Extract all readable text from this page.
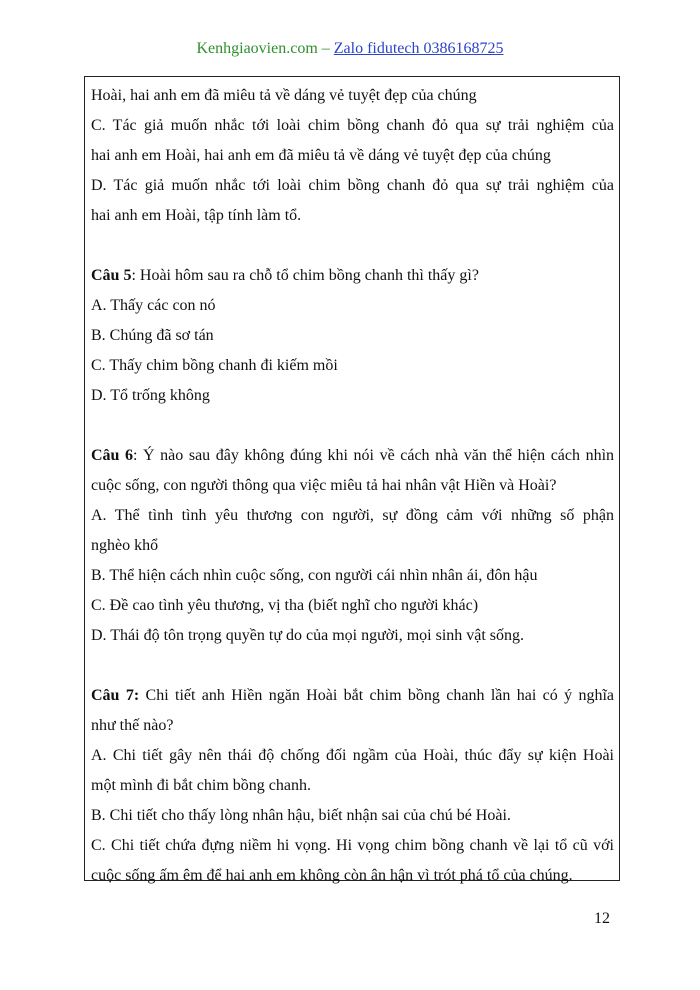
Kenhgiaovien.com – Zalo fidutech 0386168725
Hoài, hai anh em đã miêu tả về dáng vẻ tuyệt đẹp của chúng
C. Tác giả muốn nhắc tới loài chim bồng chanh đỏ qua sự trải nghiệm của
hai anh em Hoài, hai anh em đã miêu tả về dáng vẻ tuyệt đẹp của chúng
D. Tác giả muốn nhắc tới loài chim bồng chanh đỏ qua sự trải nghiệm của
hai anh em Hoài, tập tính làm tổ.
Câu 5: Hoài hôm sau ra chỗ tổ chim bồng chanh thì thấy gì?
A. Thấy các con nó
B. Chúng đã sơ tán
C. Thấy chim bồng chanh đi kiếm mồi
D. Tổ trống không
Câu 6: Ý nào sau đây không đúng khi nói về cách nhà văn thể hiện cách nhìn
cuộc sống, con người thông qua việc miêu tả hai nhân vật Hiền và Hoài?
A. Thể tình tình yêu thương con người, sự đồng cảm với những số phận
nghèo khổ
B. Thể hiện cách nhìn cuộc sống, con người cái nhìn nhân ái, đôn hậu
C. Đề cao tình yêu thương, vị tha (biết nghĩ cho người khác)
D. Thái độ tôn trọng quyền tự do của mọi người, mọi sinh vật sống.
Câu 7: Chi tiết anh Hiền ngăn Hoài bắt chim bồng chanh lần hai có ý nghĩa
như thế nào?
A. Chi tiết gây nên thái độ chống đối ngầm của Hoài, thúc đẩy sự kiện Hoài
một mình đi bắt chim bồng chanh.
B. Chi tiết cho thấy lòng nhân hậu, biết nhận sai của chú bé Hoài.
C. Chi tiết chứa đựng niềm hi vọng. Hi vọng chim bồng chanh về lại tổ cũ với
cuộc sống ấm êm để hai anh em không còn ân hận vì trót phá tổ của chúng.
12
